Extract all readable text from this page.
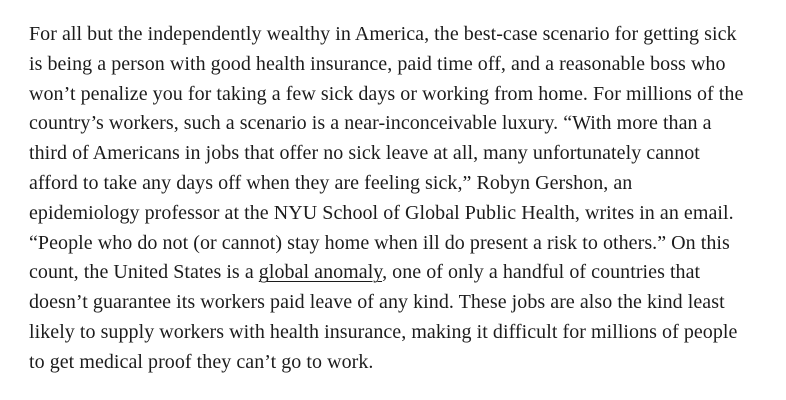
For all but the independently wealthy in America, the best-case scenario for getting sick
is being a person with good health insurance, paid time off, and a reasonable boss who
won’t penalize you for taking a few sick days or working from home. For millions of the
country’s workers, such a scenario is a near-inconceivable luxury. “With more than a
third of Americans in jobs that offer no sick leave at all, many unfortunately cannot
afford to take any days off when they are feeling sick,” Robyn Gershon, an
epidemiology professor at the NYU School of Global Public Health, writes in an email.
“People who do not (or cannot) stay home when ill do present a risk to others.” On this
count, the United States is a global anomaly, one of only a handful of countries that
doesn’t guarantee its workers paid leave of any kind. These jobs are also the kind least
likely to supply workers with health insurance, making it difficult for millions of people
to get medical proof they can’t go to work.
